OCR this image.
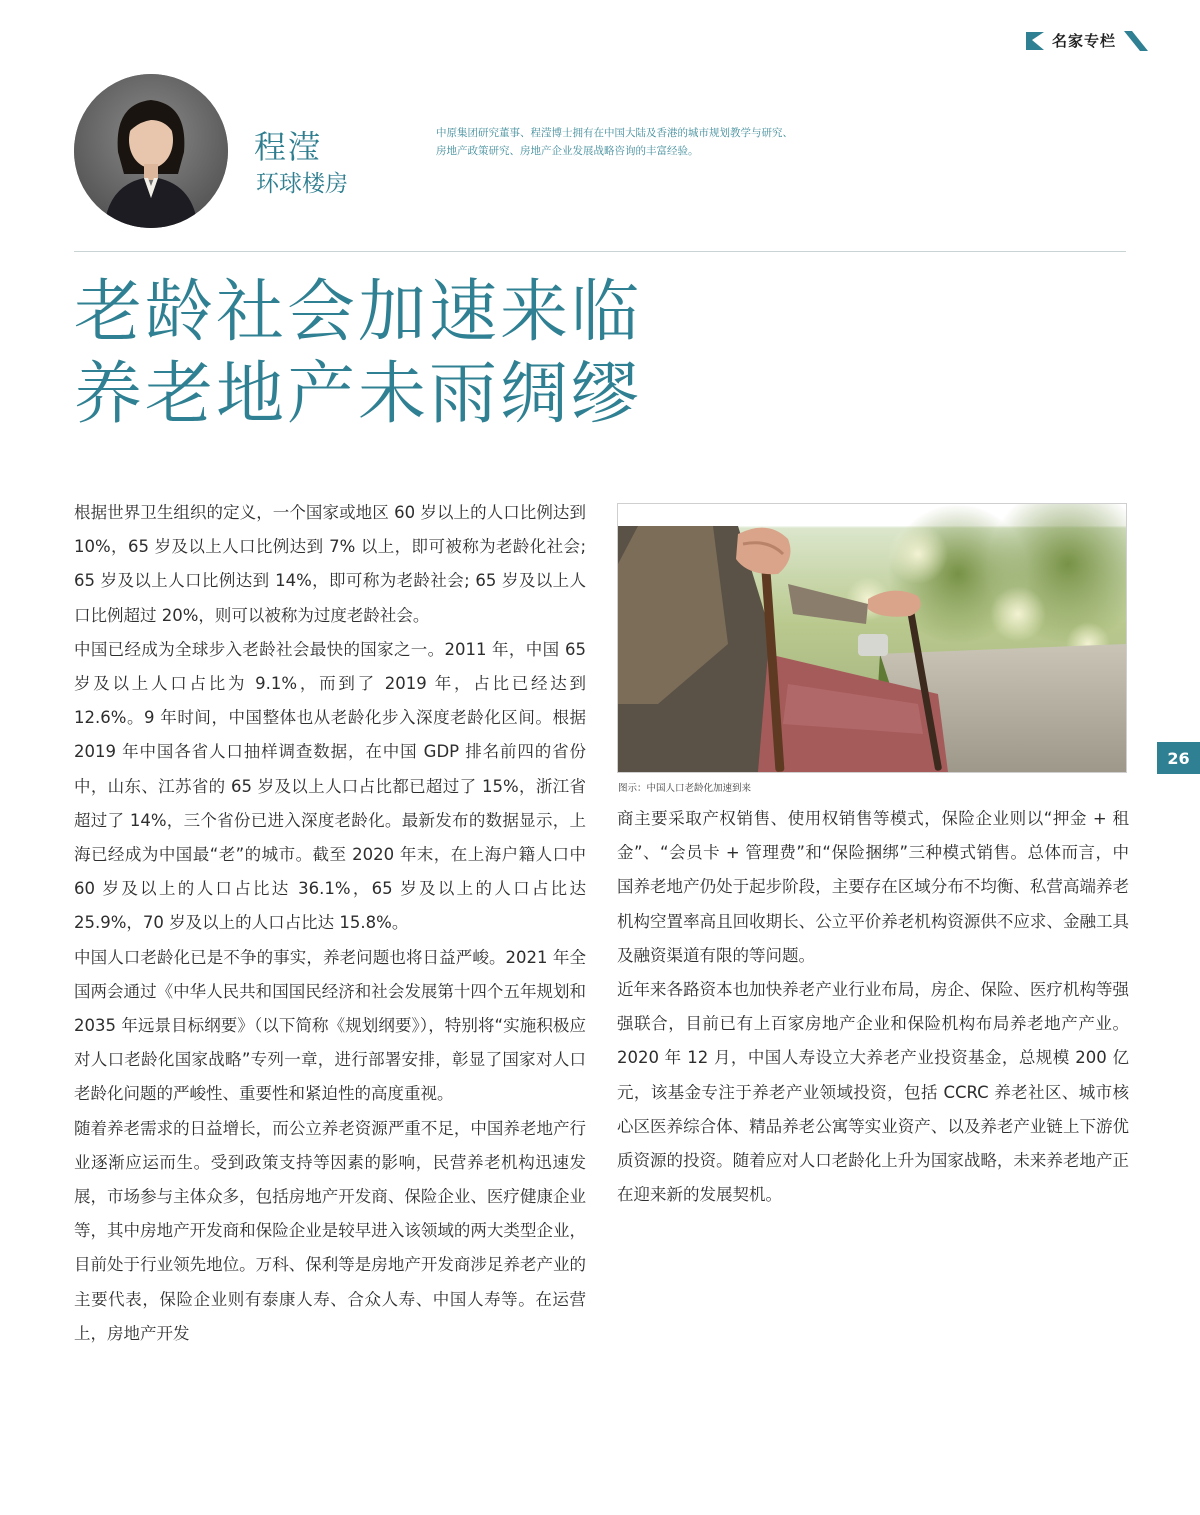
名家专栏
程滢
环球楼房
中原集团研究董事、程滢博士拥有在中国大陆及香港的城市规划教学与研究、
房地产政策研究、房地产企业发展战略咨询的丰富经验。
老龄社会加速来临
养老地产未雨绸缪

根据世界卫生组织的定义，一个国家或地区 60 岁以上的人口比例达到 10%，65 岁及以上人口比例达到 7% 以上，即可被称为老龄化社会; 65 岁及以上人口比例达到 14%，即可称为老龄社会; 65 岁及以上人口比例超过 20%，则可以被称为过度老龄社会。

中国已经成为全球步入老龄社会最快的国家之一。2011 年，中国 65 岁及以上人口占比为 9.1%，而到了 2019 年，占比已经达到 12.6%。9 年时间，中国整体也从老龄化步入深度老龄化区间。根据 2019 年中国各省人口抽样调查数据，在中国 GDP 排名前四的省份中，山东、江苏省的 65 岁及以上人口占比都已超过了 15%，浙江省超过了 14%，三个省份已进入深度老龄化。最新发布的数据显示，上海已经成为中国最“老”的城市。截至 2020 年末，在上海户籍人口中 60 岁及以上的人口占比达 36.1%，65 岁及以上的人口占比达 25.9%，70 岁及以上的人口占比达 15.8%。

中国人口老龄化已是不争的事实，养老问题也将日益严峻。2021 年全国两会通过《中华人民共和国国民经济和社会发展第十四个五年规划和 2035 年远景目标纲要》（以下简称《规划纲要》），特别将“实施积极应对人口老龄化国家战略”专列一章，进行部署安排，彰显了国家对人口老龄化问题的严峻性、重要性和紧迫性的高度重视。

随着养老需求的日益增长，而公立养老资源严重不足，中国养老地产行业逐渐应运而生。受到政策支持等因素的影响，民营养老机构迅速发展，市场参与主体众多，包括房地产开发商、保险企业、医疗健康企业等，其中房地产开发商和保险企业是较早进入该领域的两大类型企业，目前处于行业领先地位。万科、保利等是房地产开发商涉足养老产业的主要代表，保险企业则有泰康人寿、合众人寿、中国人寿等。在运营上，房地产开发

图示：中国人口老龄化加速到来

商主要采取产权销售、使用权销售等模式，保险企业则以“押金 + 租金”、“会员卡 + 管理费”和“保险捆绑”三种模式销售。总体而言，中国养老地产仍处于起步阶段，主要存在区域分布不均衡、私营高端养老机构空置率高且回收期长、公立平价养老机构资源供不应求、金融工具及融资渠道有限的等问题。

近年来各路资本也加快养老产业行业布局，房企、保险、医疗机构等强强联合，目前已有上百家房地产企业和保险机构布局养老地产产业。2020 年 12 月，中国人寿设立大养老产业投资基金，总规模 200 亿元，该基金专注于养老产业领域投资，包括 CCRC 养老社区、城市核心区医养综合体、精品养老公寓等实业资产、以及养老产业链上下游优质资源的投资。随着应对人口老龄化上升为国家战略，未来养老地产正在迎来新的发展契机。

26
